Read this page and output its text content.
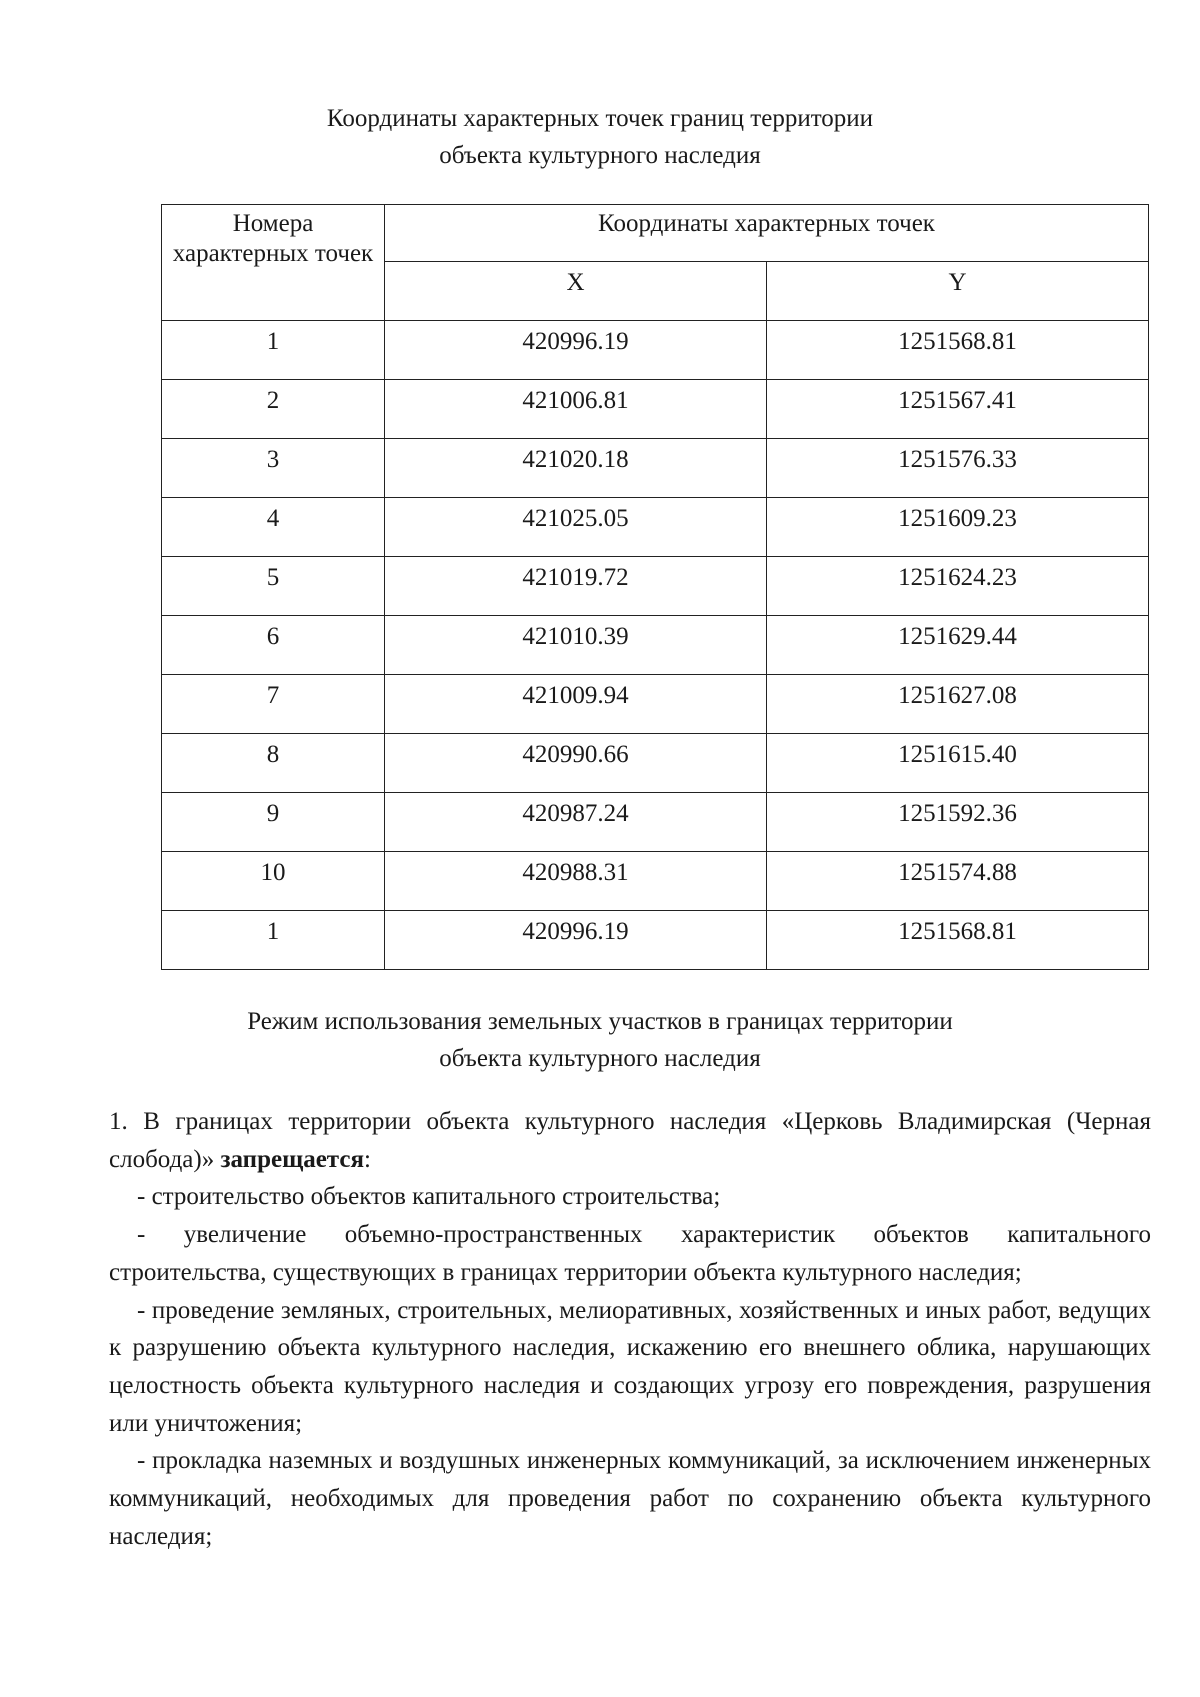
Координаты характерных точек границ территории
объекта культурного наследия
Номера характерных точек	Координаты характерных точек	
	X	Y
1	420996.19	1251568.81
2	421006.81	1251567.41
3	421020.18	1251576.33
4	421025.05	1251609.23
5	421019.72	1251624.23
6	421010.39	1251629.44
7	421009.94	1251627.08
8	420990.66	1251615.40
9	420987.24	1251592.36
10	420988.31	1251574.88
1	420996.19	1251568.81
Режим использования земельных участков в границах территории
объекта культурного наследия

1. В границах территории объекта культурного наследия «Церковь Владимирская (Черная слобода)» запрещается:

- строительство объектов капитального строительства;

- увеличение объемно-пространственных характеристик объектов капитального строительства, существующих в границах территории объекта культурного наследия;

- проведение земляных, строительных, мелиоративных, хозяйственных и иных работ, ведущих к разрушению объекта культурного наследия, искажению его внешнего облика, нарушающих целостность объекта культурного наследия и создающих угрозу его повреждения, разрушения или уничтожения;

- прокладка наземных и воздушных инженерных коммуникаций, за исключением инженерных коммуникаций, необходимых для проведения работ по сохранению объекта культурного наследия;
